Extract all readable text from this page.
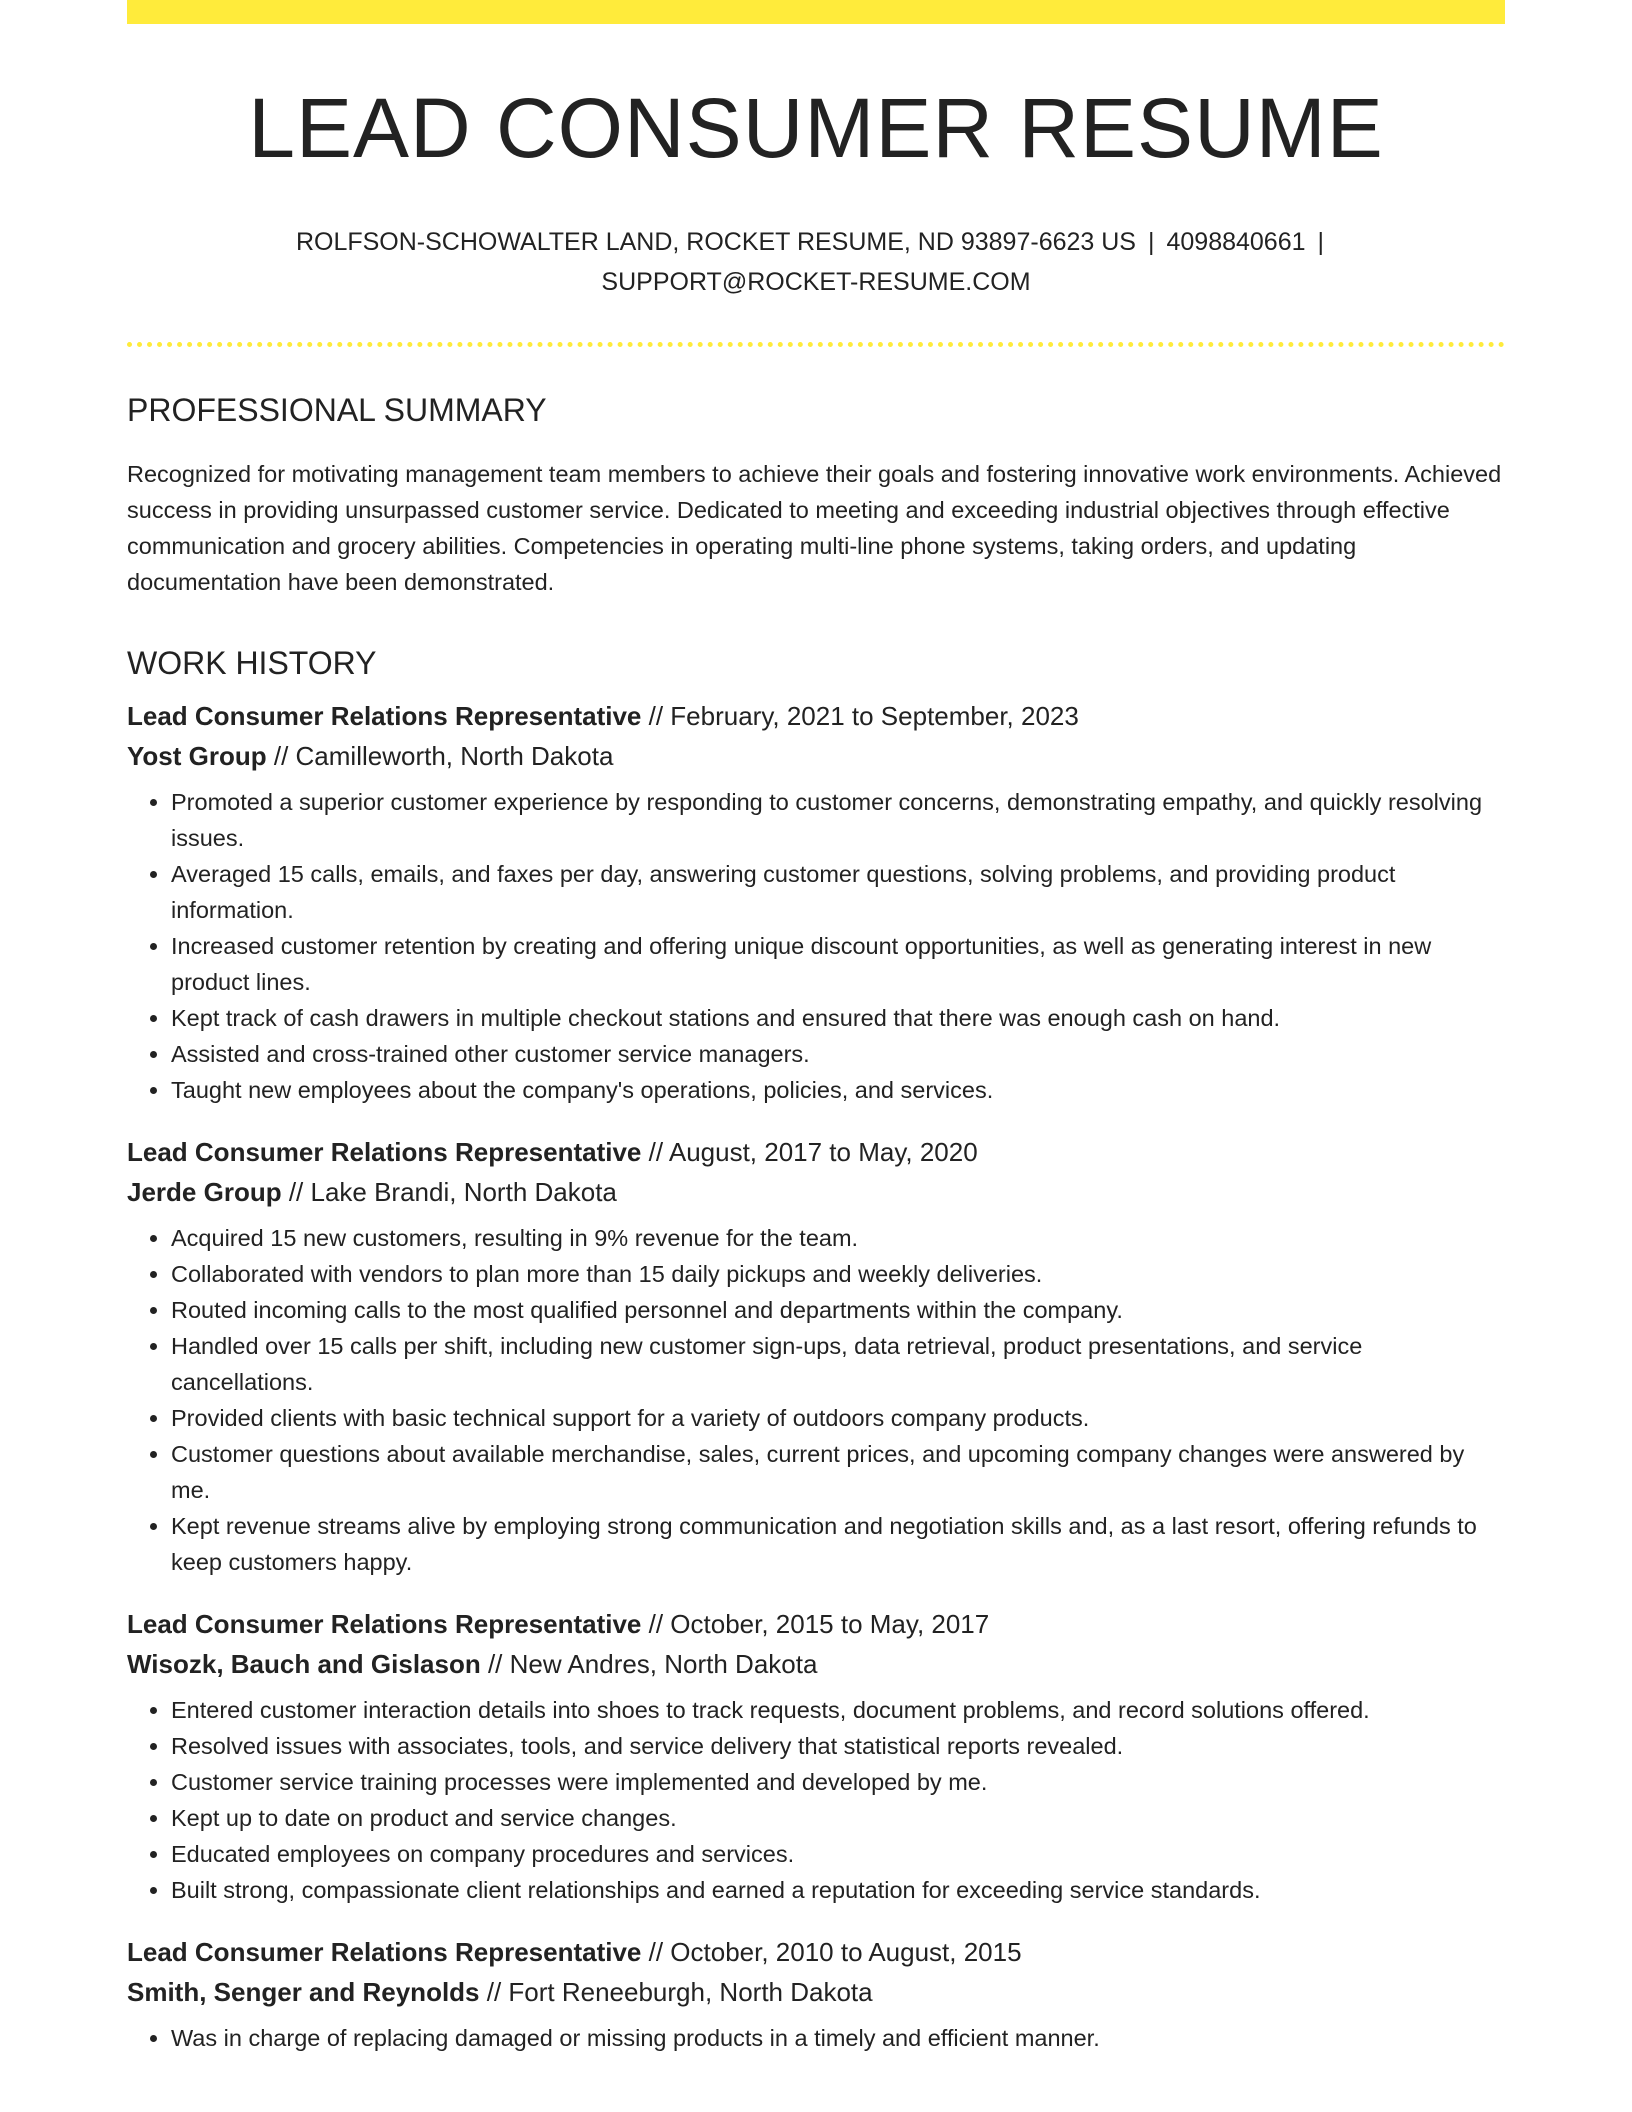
LEAD CONSUMER RESUME
ROLFSON-SCHOWALTER LAND, ROCKET RESUME, ND 93897-6623 US | 4098840661 |
SUPPORT@ROCKET-RESUME.COM
PROFESSIONAL SUMMARY

Recognized for motivating management team members to achieve their goals and fostering innovative work environments. Achieved success in providing unsurpassed customer service. Dedicated to meeting and exceeding industrial objectives through effective communication and grocery abilities. Competencies in operating multi-line phone systems, taking orders, and updating documentation have been demonstrated.

WORK HISTORY
Lead Consumer Relations Representative // February, 2021 to September, 2023
Yost Group // Camilleworth, North Dakota
• Promoted a superior customer experience by responding to customer concerns, demonstrating empathy, and quickly resolving issues.
• Averaged 15 calls, emails, and faxes per day, answering customer questions, solving problems, and providing product information.
• Increased customer retention by creating and offering unique discount opportunities, as well as generating interest in new product lines.
• Kept track of cash drawers in multiple checkout stations and ensured that there was enough cash on hand.
• Assisted and cross-trained other customer service managers.
• Taught new employees about the company's operations, policies, and services.
Lead Consumer Relations Representative // August, 2017 to May, 2020
Jerde Group // Lake Brandi, North Dakota
• Acquired 15 new customers, resulting in 9% revenue for the team.
• Collaborated with vendors to plan more than 15 daily pickups and weekly deliveries.
• Routed incoming calls to the most qualified personnel and departments within the company.
• Handled over 15 calls per shift, including new customer sign-ups, data retrieval, product presentations, and service cancellations.
• Provided clients with basic technical support for a variety of outdoors company products.
• Customer questions about available merchandise, sales, current prices, and upcoming company changes were answered by me.
• Kept revenue streams alive by employing strong communication and negotiation skills and, as a last resort, offering refunds to keep customers happy.
Lead Consumer Relations Representative // October, 2015 to May, 2017
Wisozk, Bauch and Gislason // New Andres, North Dakota
• Entered customer interaction details into shoes to track requests, document problems, and record solutions offered.
• Resolved issues with associates, tools, and service delivery that statistical reports revealed.
• Customer service training processes were implemented and developed by me.
• Kept up to date on product and service changes.
• Educated employees on company procedures and services.
• Built strong, compassionate client relationships and earned a reputation for exceeding service standards.
Lead Consumer Relations Representative // October, 2010 to August, 2015
Smith, Senger and Reynolds // Fort Reneeburgh, North Dakota
• Was in charge of replacing damaged or missing products in a timely and efficient manner.
